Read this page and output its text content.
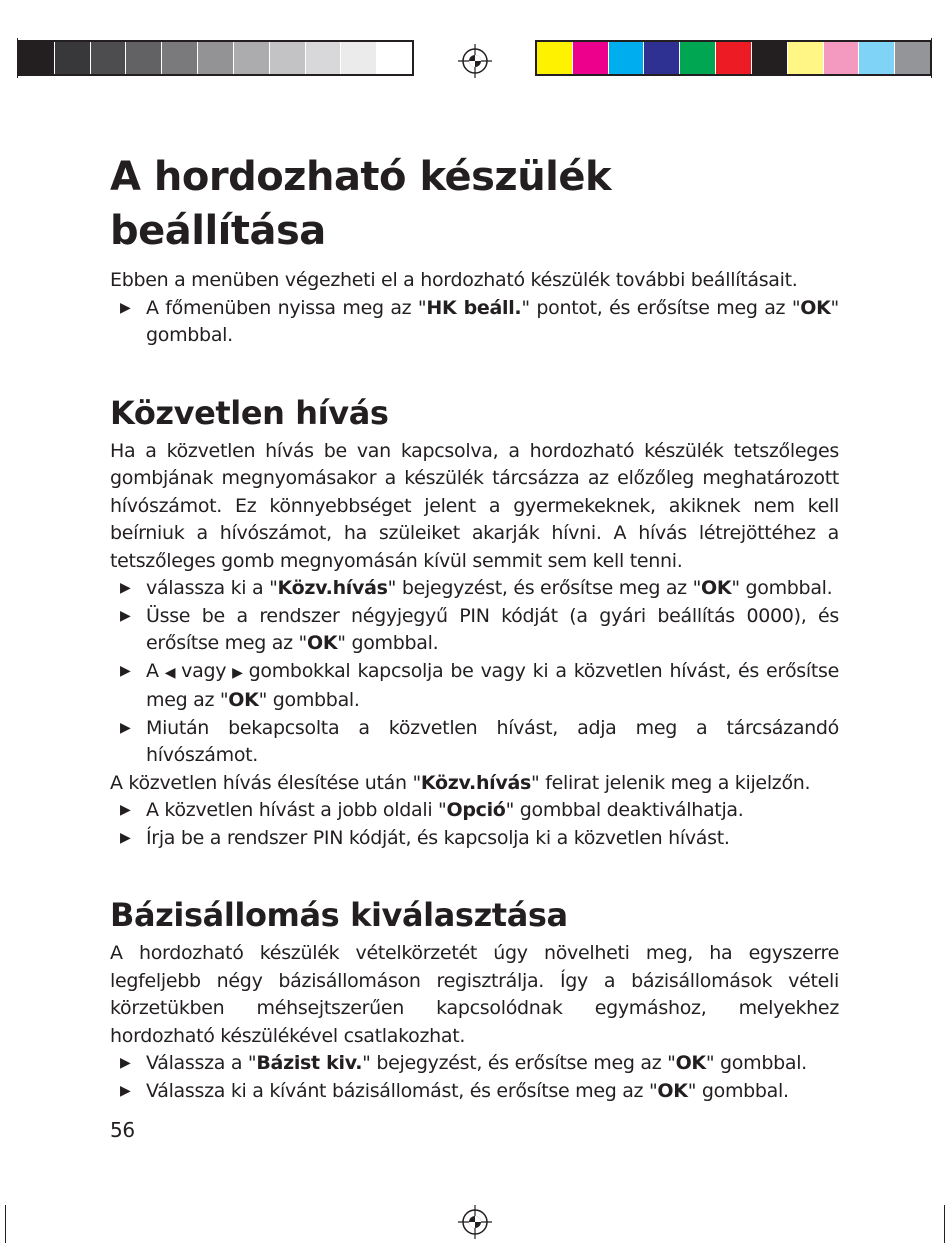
A hordozható készülék beállítása

Ebben a menüben végezheti el a hordozható készülék további beállításait.

▶ A főmenüben nyissa meg az "HK beáll." pontot, és erősítse meg az "OK" gombbal.
Közvetlen hívás

Ha a közvetlen hívás be van kapcsolva, a hordozható készülék tetszőleges gombjának megnyomásakor a készülék tárcsázza az előzőleg meghatározott hívószámot. Ez könnyebbséget jelent a gyermekeknek, akiknek nem kell beírniuk a hívószámot, ha szüleiket akarják hívni. A hívás létrejöttéhez a tetszőleges gomb megnyomásán kívül semmit sem kell tenni.

▶ válassza ki a "Közv.hívás" bejegyzést, és erősítse meg az "OK" gombbal.
▶ Üsse be a rendszer négyjegyű PIN kódját (a gyári beállítás 0000), és erősítse meg az "OK" gombbal.
▶ A ◀ vagy ▶ gombokkal kapcsolja be vagy ki a közvetlen hívást, és erősítse meg az "OK" gombbal.
▶ Miután bekapcsolta a közvetlen hívást, adja meg a tárcsázandó hívószámot.

A közvetlen hívás élesítése után "Közv.hívás" felirat jelenik meg a kijelzőn.

▶ A közvetlen hívást a jobb oldali "Opció" gombbal deaktiválhatja.
▶ Írja be a rendszer PIN kódját, és kapcsolja ki a közvetlen hívást.
Bázisállomás kiválasztása

A hordozható készülék vételkörzetét úgy növelheti meg, ha egyszerre legfeljebb négy bázisállomáson regisztrálja. Így a bázisállomások vételi körzetükben méhsejtszerűen kapcsolódnak egymáshoz, melyekhez hordozható készülékével csatlakozhat.

▶ Válassza a "Bázist kiv." bejegyzést, és erősítse meg az "OK" gombbal.
▶ Válassza ki a kívánt bázisállomást, és erősítse meg az "OK" gombbal.
56
